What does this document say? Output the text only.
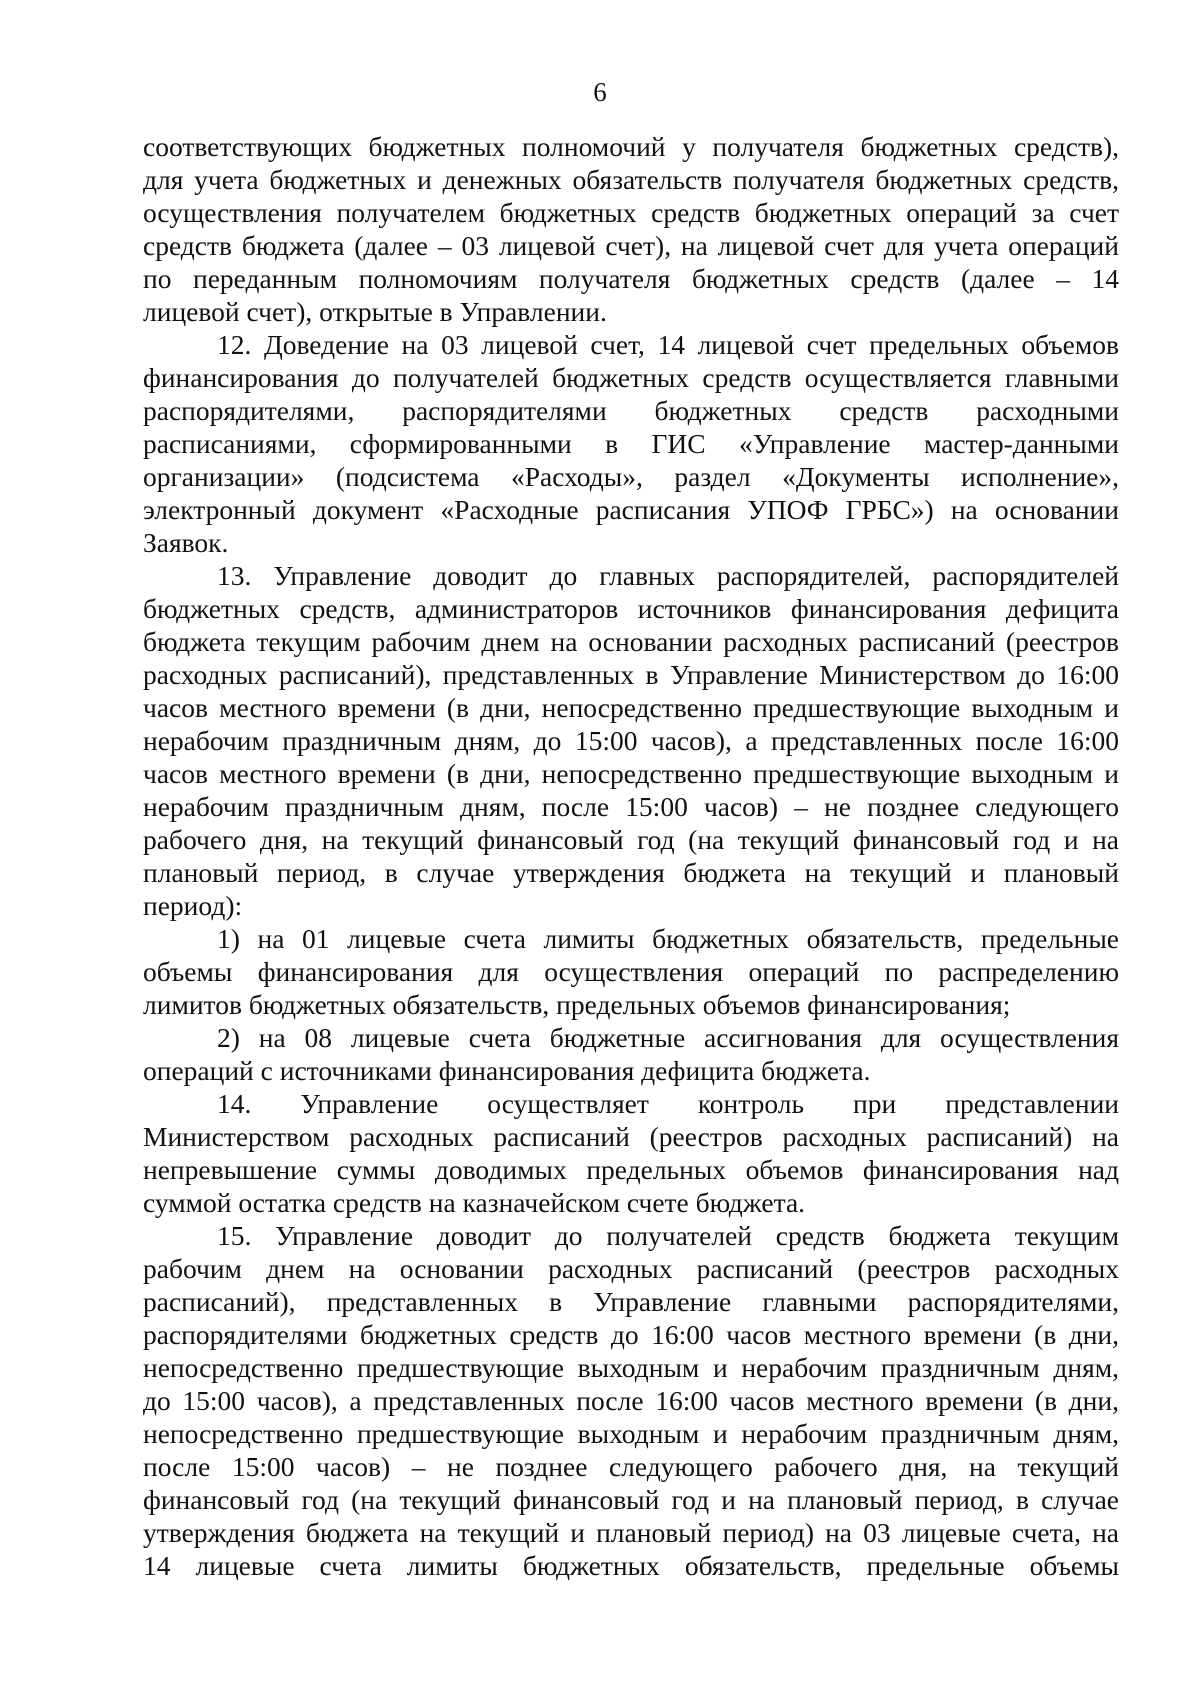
6
соответствующих бюджетных полномочий у получателя бюджетных средств),
для учета бюджетных и денежных обязательств получателя бюджетных средств,
осуществления получателем бюджетных средств бюджетных операций за счет
средств бюджета (далее – 03 лицевой счет), на лицевой счет для учета операций
по переданным полномочиям получателя бюджетных средств (далее – 14
лицевой счет), открытые в Управлении.
12. Доведение на 03 лицевой счет, 14 лицевой счет предельных объемов
финансирования до получателей бюджетных средств осуществляется главными
распорядителями, распорядителями бюджетных средств расходными
расписаниями, сформированными в ГИС «Управление мастер-данными
организации» (подсистема «Расходы», раздел «Документы исполнение»,
электронный документ «Расходные расписания УПОФ ГРБС») на основании
Заявок.
13. Управление доводит до главных распорядителей, распорядителей
бюджетных средств, администраторов источников финансирования дефицита
бюджета текущим рабочим днем на основании расходных расписаний (реестров
расходных расписаний), представленных в Управление Министерством до 16:00
часов местного времени (в дни, непосредственно предшествующие выходным и
нерабочим праздничным дням, до 15:00 часов), а представленных после 16:00
часов местного времени (в дни, непосредственно предшествующие выходным и
нерабочим праздничным дням, после 15:00 часов) – не позднее следующего
рабочего дня, на текущий финансовый год (на текущий финансовый год и на
плановый период, в случае утверждения бюджета на текущий и плановый
период):
1) на 01 лицевые счета лимиты бюджетных обязательств, предельные
объемы финансирования для осуществления операций по распределению
лимитов бюджетных обязательств, предельных объемов финансирования;
2) на 08 лицевые счета бюджетные ассигнования для осуществления
операций с источниками финансирования дефицита бюджета.
14. Управление осуществляет контроль при представлении
Министерством расходных расписаний (реестров расходных расписаний) на
непревышение суммы доводимых предельных объемов финансирования над
суммой остатка средств на казначейском счете бюджета.
15. Управление доводит до получателей средств бюджета текущим
рабочим днем на основании расходных расписаний (реестров расходных
расписаний), представленных в Управление главными распорядителями,
распорядителями бюджетных средств до 16:00 часов местного времени (в дни,
непосредственно предшествующие выходным и нерабочим праздничным дням,
до 15:00 часов), а представленных после 16:00 часов местного времени (в дни,
непосредственно предшествующие выходным и нерабочим праздничным дням,
после 15:00 часов) – не позднее следующего рабочего дня, на текущий
финансовый год (на текущий финансовый год и на плановый период, в случае
утверждения бюджета на текущий и плановый период) на 03 лицевые счета, на
14 лицевые счета лимиты бюджетных обязательств, предельные объемы
